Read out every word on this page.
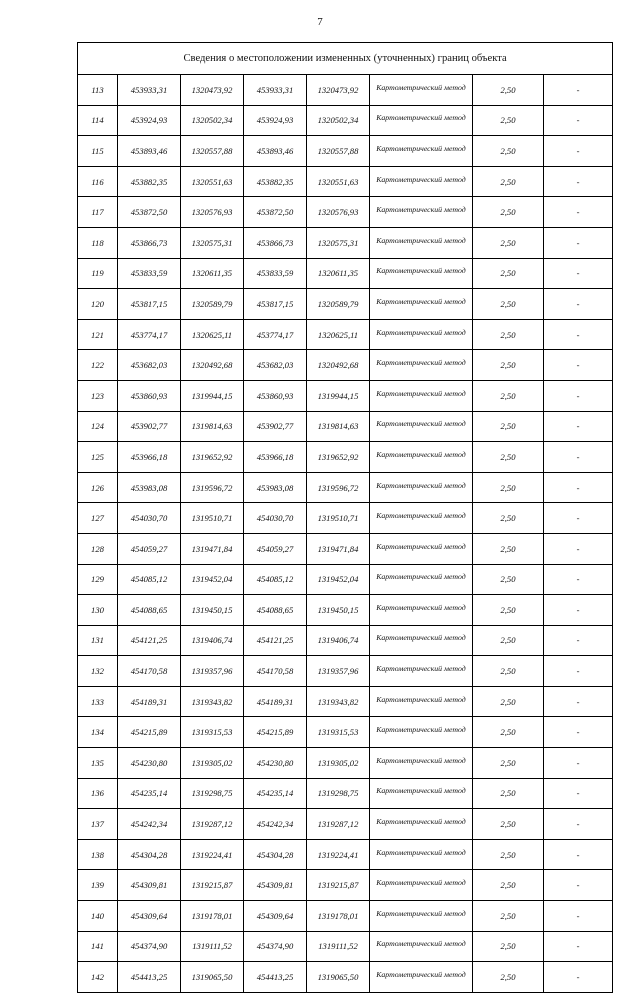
7
Сведения о местоположении измененных (уточненных) границ объекта							
113	453933,31	1320473,92	453933,31	1320473,92	Картометрический метод	2,50	-
114	453924,93	1320502,34	453924,93	1320502,34	Картометрический метод	2,50	-
115	453893,46	1320557,88	453893,46	1320557,88	Картометрический метод	2,50	-
116	453882,35	1320551,63	453882,35	1320551,63	Картометрический метод	2,50	-
117	453872,50	1320576,93	453872,50	1320576,93	Картометрический метод	2,50	-
118	453866,73	1320575,31	453866,73	1320575,31	Картометрический метод	2,50	-
119	453833,59	1320611,35	453833,59	1320611,35	Картометрический метод	2,50	-
120	453817,15	1320589,79	453817,15	1320589,79	Картометрический метод	2,50	-
121	453774,17	1320625,11	453774,17	1320625,11	Картометрический метод	2,50	-
122	453682,03	1320492,68	453682,03	1320492,68	Картометрический метод	2,50	-
123	453860,93	1319944,15	453860,93	1319944,15	Картометрический метод	2,50	-
124	453902,77	1319814,63	453902,77	1319814,63	Картометрический метод	2,50	-
125	453966,18	1319652,92	453966,18	1319652,92	Картометрический метод	2,50	-
126	453983,08	1319596,72	453983,08	1319596,72	Картометрический метод	2,50	-
127	454030,70	1319510,71	454030,70	1319510,71	Картометрический метод	2,50	-
128	454059,27	1319471,84	454059,27	1319471,84	Картометрический метод	2,50	-
129	454085,12	1319452,04	454085,12	1319452,04	Картометрический метод	2,50	-
130	454088,65	1319450,15	454088,65	1319450,15	Картометрический метод	2,50	-
131	454121,25	1319406,74	454121,25	1319406,74	Картометрический метод	2,50	-
132	454170,58	1319357,96	454170,58	1319357,96	Картометрический метод	2,50	-
133	454189,31	1319343,82	454189,31	1319343,82	Картометрический метод	2,50	-
134	454215,89	1319315,53	454215,89	1319315,53	Картометрический метод	2,50	-
135	454230,80	1319305,02	454230,80	1319305,02	Картометрический метод	2,50	-
136	454235,14	1319298,75	454235,14	1319298,75	Картометрический метод	2,50	-
137	454242,34	1319287,12	454242,34	1319287,12	Картометрический метод	2,50	-
138	454304,28	1319224,41	454304,28	1319224,41	Картометрический метод	2,50	-
139	454309,81	1319215,87	454309,81	1319215,87	Картометрический метод	2,50	-
140	454309,64	1319178,01	454309,64	1319178,01	Картометрический метод	2,50	-
141	454374,90	1319111,52	454374,90	1319111,52	Картометрический метод	2,50	-
142	454413,25	1319065,50	454413,25	1319065,50	Картометрический метод	2,50	-
